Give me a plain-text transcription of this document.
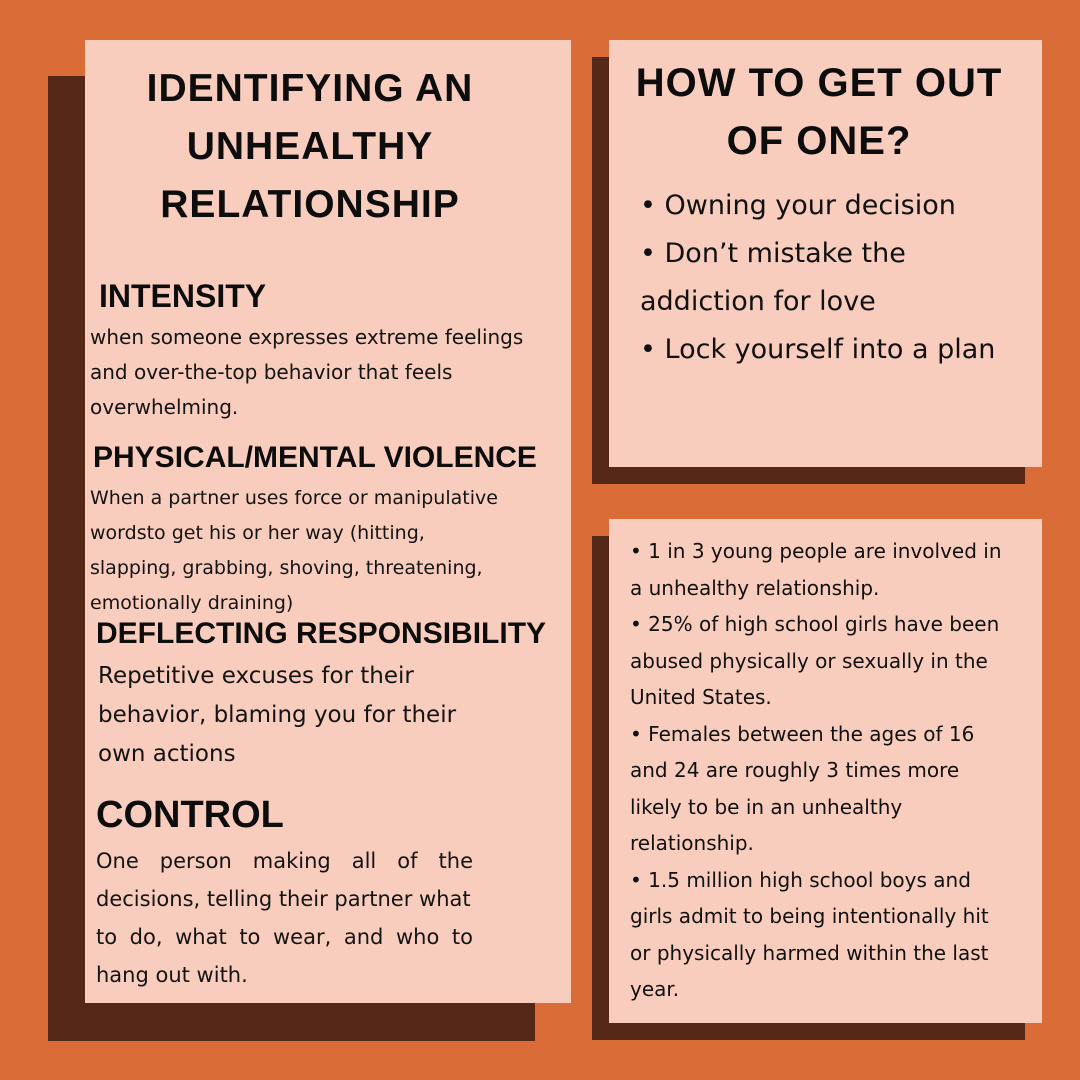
IDENTIFYING AN
UNHEALTHY
RELATIONSHIP
INTENSITY
when someone expresses extreme feelings
and over-the-top behavior that feels
overwhelming.
PHYSICAL/MENTAL VIOLENCE
When a partner uses force or manipulative
wordsto get his or her way (hitting,
slapping, grabbing, shoving, threatening,
emotionally draining)
DEFLECTING RESPONSIBILITY
Repetitive excuses for their
behavior, blaming you for their
own actions
CONTROL
One person making all of the
decisions, telling their partner what
to do, what to wear, and who to
hang out with.
HOW TO GET OUT
OF ONE?
• Owning your decision
• Don’t mistake the
addiction for love
• Lock yourself into a plan
• 1 in 3 young people are involved in
a unhealthy relationship.
• 25% of high school girls have been
abused physically or sexually in the
United States.
• Females between the ages of 16
and 24 are roughly 3 times more
likely to be in an unhealthy
relationship.
• 1.5 million high school boys and
girls admit to being intentionally hit
or physically harmed within the last
year.
